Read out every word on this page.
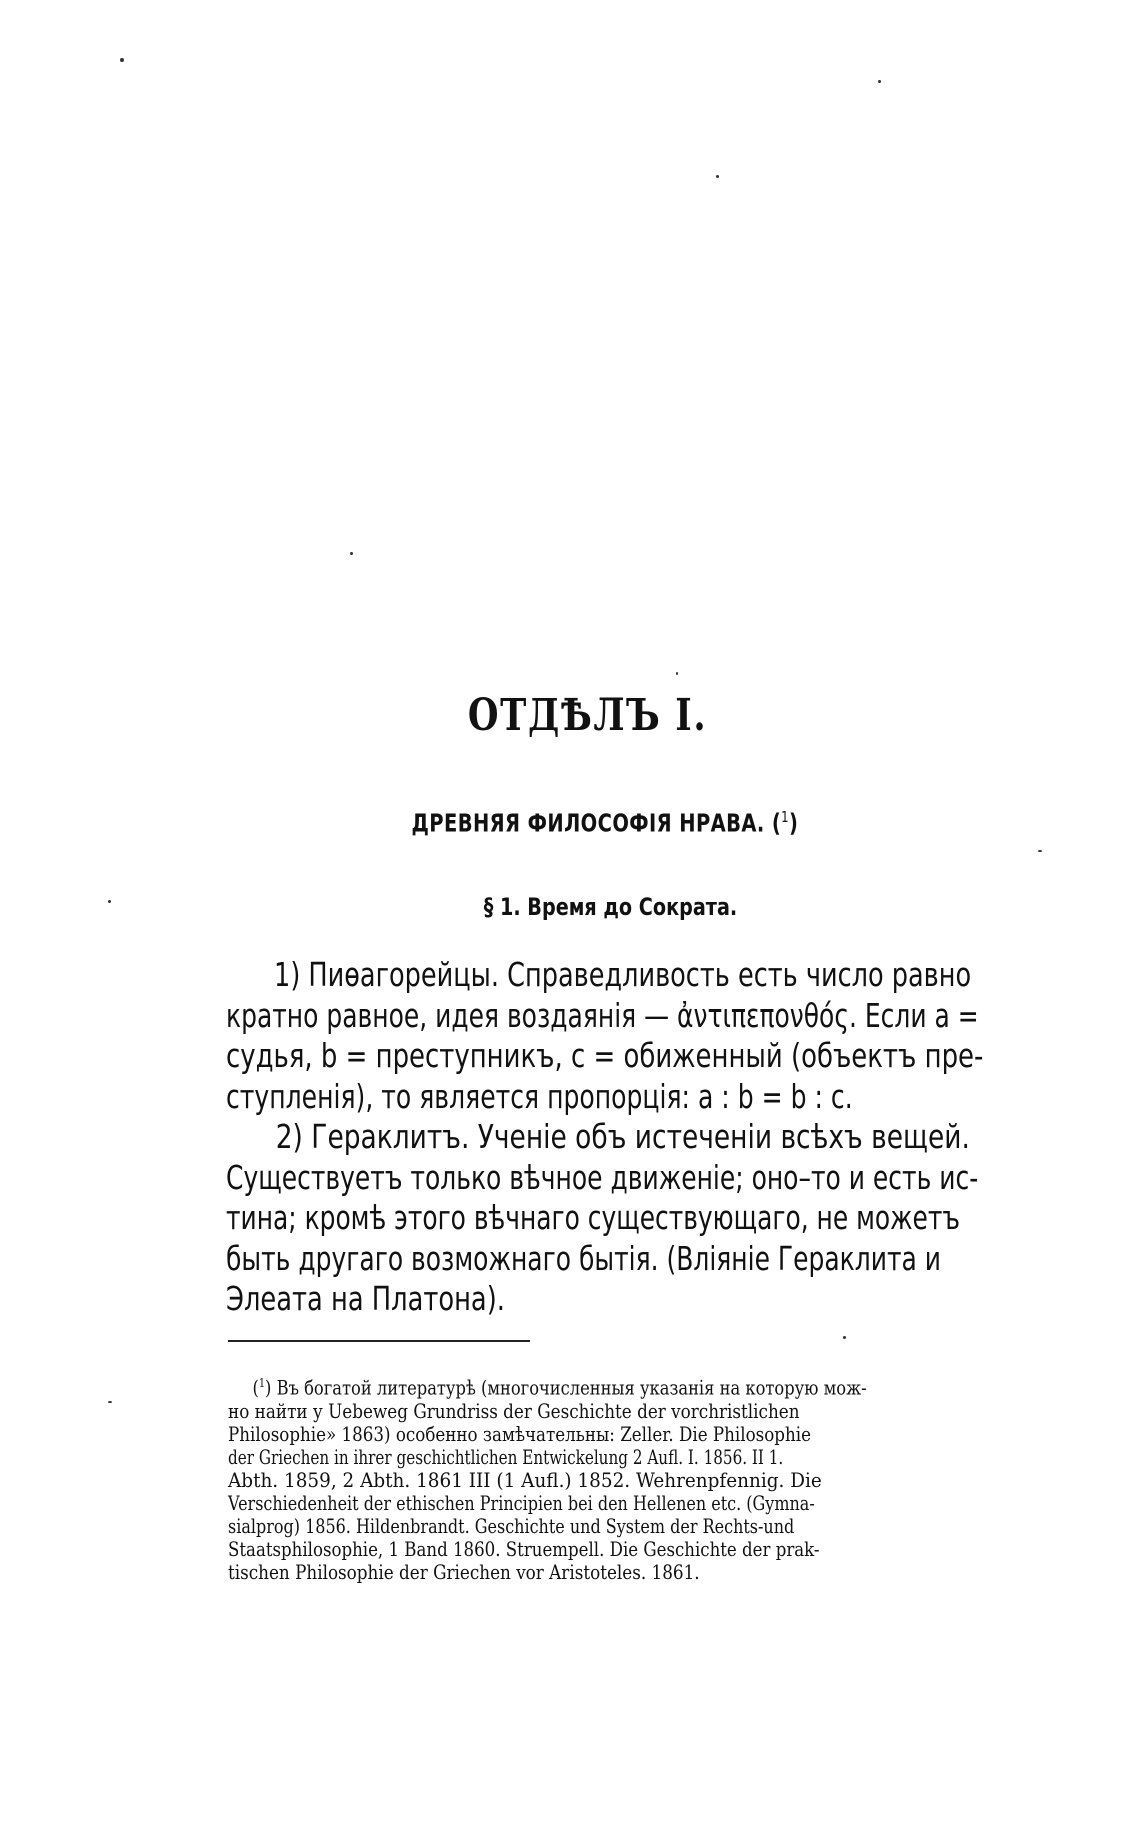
ОТДѢЛЪ I.
ДРЕВНЯЯ ФИЛОСОФІЯ НРАВА. ($^1$)
§ 1. Время до Сократа.
1) Пиѳагорейцы. Справедливость есть число равно
кратно равное, идея воздаянія — ἀντιπεπονθός. Если a =
судья, b = преступникъ, c = обиженный (объектъ пре-
ступленія), то является пропорція: a : b = b : c.
2) Гераклитъ. Ученіе объ истеченіи всѣхъ вещей.
Существуетъ только вѣчное движеніе; оно–то и есть ис-
тина; кромѣ этого вѣчнаго существующаго, не можетъ
быть другаго возможнаго бытія. (Вліяніе Гераклита и
Элеата на Платона).
($^1$) Въ богатой литературѣ (многочисленныя указанія на которую мож-
но найти у Uebeweg Grundriss der Geschichte der vorchristlichen
Philosophie» 1863) особенно замѣчательны: Zeller. Die Philosophie
der Griechen in ihrer geschichtlichen Entwickelung 2 Aufl. I. 1856. II 1.
Abth. 1859, 2 Abth. 1861 III (1 Aufl.) 1852. Wehrenpfennig. Die
Verschiedenheit der ethischen Principien bei den Hellenen etc. (Gymna-
sialprog) 1856. Hildenbrandt. Geschichte und System der Rechts-und
Staatsphilosophie, 1 Band 1860. Struempell. Die Geschichte der prak-
tischen Philosophie der Griechen vor Aristoteles. 1861.
